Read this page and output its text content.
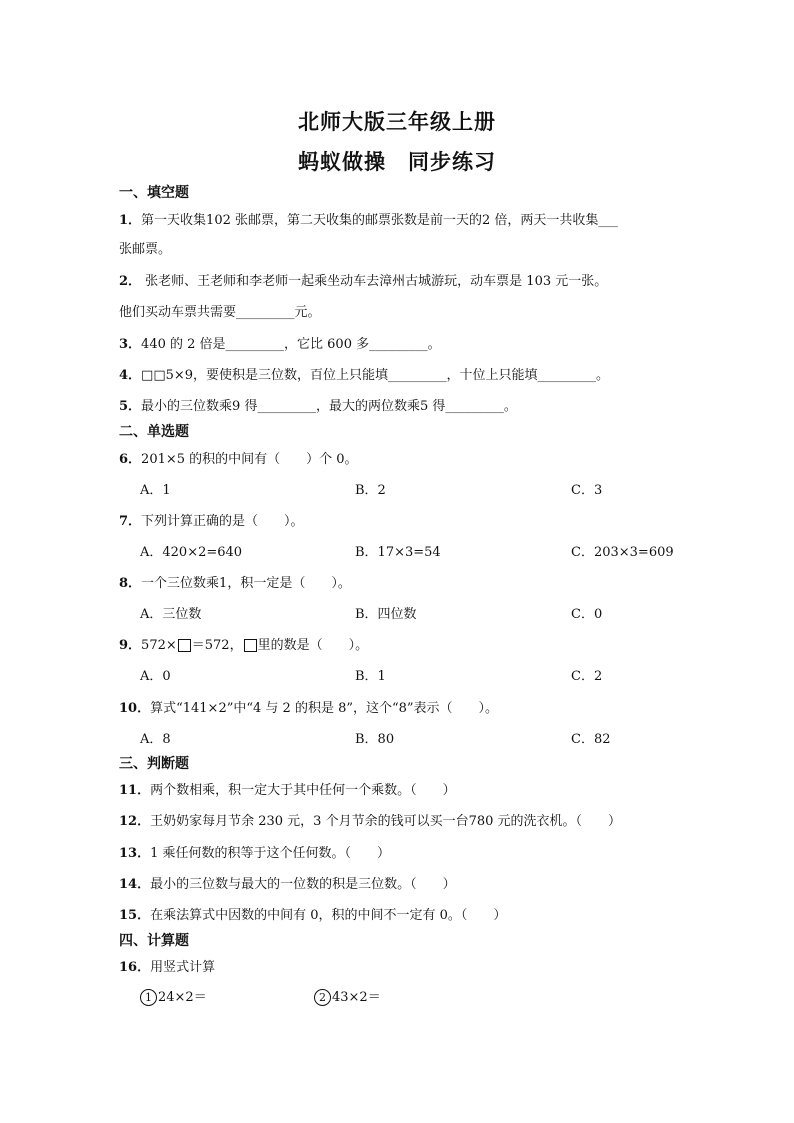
北师大版三年级上册
蚂蚁做操　同步练习
一、填空题
1．第一天收集102 张邮票，第二天收集的邮票张数是前一天的2 倍，两天一共收集___
张邮票。
2． 张老师、王老师和李老师一起乘坐动车去漳州古城游玩，动车票是 103 元一张。
他们买动车票共需要_________元。
3．440 的 2 倍是_________，它比 600 多_________。
4．□□5×9，要使积是三位数，百位上只能填_________，十位上只能填_________。
5．最小的三位数乘9 得_________，最大的两位数乘5 得_________。
二、单选题
6．201×5 的积的中间有（　　）个 0。
A．1	B．2	C．3
7．下列计算正确的是（　　）。
A．420×2=640	B．17×3=54	C．203×3=609
8．一个三位数乘1，积一定是（　　）。
A．三位数	B．四位数	C．0
9．572× ＝572， 里的数是（　　）。
A．0	B．1	C．2
10．算式“141×2”中“4 与 2 的积是 8”，这个“8”表示（　　）。
A．8	B．80	C．82
三、判断题
11．两个数相乘，积一定大于其中任何一个乘数。（　　）
12．王奶奶家每月节余 230 元，3 个月节余的钱可以买一台780 元的洗衣机。（　　）
13．1 乘任何数的积等于这个任何数。（　　）
14．最小的三位数与最大的一位数的积是三位数。（　　）
15．在乘法算式中因数的中间有 0，积的中间不一定有 0。（　　）
四、计算题
16．用竖式计算
1 24×2＝	2 43×2＝
